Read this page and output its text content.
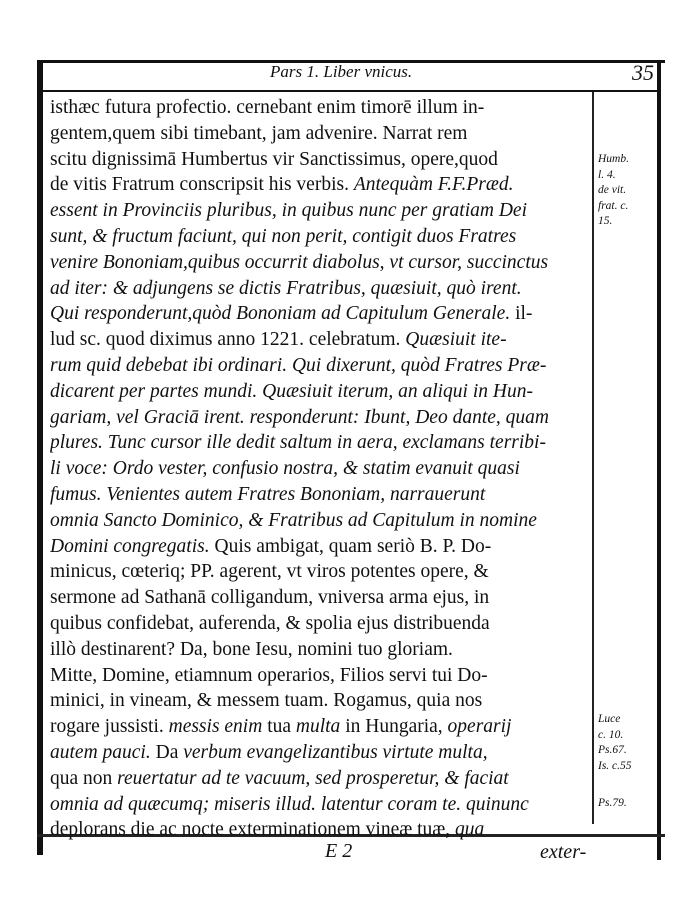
Pars 1. Liber vnicus.	35
isthæc futura profectio. cernebant enim timorē illum in-
gentem,quem sibi timebant, jam advenire. Narrat rem
scitu dignissimā Humbertus vir Sanctissimus, opere,quod
de vitis Fratrum conscripsit his verbis. Antequàm F.F.Præd.
essent in Provinciis pluribus, in quibus nunc per gratiam Dei
sunt, & fructum faciunt, qui non perit, contigit duos Fratres
venire Bononiam,quibus occurrit diabolus, vt cursor, succinctus
ad iter: & adjungens se dictis Fratribus, quæsiuit, quò irent.
Qui responderunt,quòd Bononiam ad Capitulum Generale. il-
lud sc. quod diximus anno 1221. celebratum. Quæsiuit ite-
rum quid debebat ibi ordinari. Qui dixerunt, quòd Fratres Præ-
dicarent per partes mundi. Quæsiuit iterum, an aliqui in Hun-
gariam, vel Graciā irent. responderunt: Ibunt, Deo dante, quam
plures. Tunc cursor ille dedit saltum in aera, exclamans terribi-
li voce: Ordo vester, confusio nostra, & statim evanuit quasi
fumus. Venientes autem Fratres Bononiam, narrauerunt
omnia Sancto Dominico, & Fratribus ad Capitulum in nomine
Domini congregatis. Quis ambigat, quam seriò B. P. Do-
minicus, cœteriq; PP. agerent, vt viros potentes opere, &
sermone ad Sathanā colligandum, vniversa arma ejus, in
quibus confidebat, auferenda, & spolia ejus distribuenda
illò destinarent? Da, bone Iesu, nomini tuo gloriam.
Mitte, Domine, etiamnum operarios, Filios servi tui Do-
minici, in vineam, & messem tuam. Rogamus, quia nos
rogare jussisti. messis enim tua multa in Hungaria, operarij
autem pauci. Da verbum evangelizantibus virtute multa,
qua non reuertatur ad te vacuum, sed prosperetur, & faciat
omnia ad quæcumq; miseris illud. latentur coram te. quinunc
deplorans die ac nocte exterminationem vineæ tuæ, qua
Humb.
l. 4.
de vit.
frat. c.
15.
Luce
c. 10.
Ps.67.
Is. c.55
Ps.79.
E 2	exter-
